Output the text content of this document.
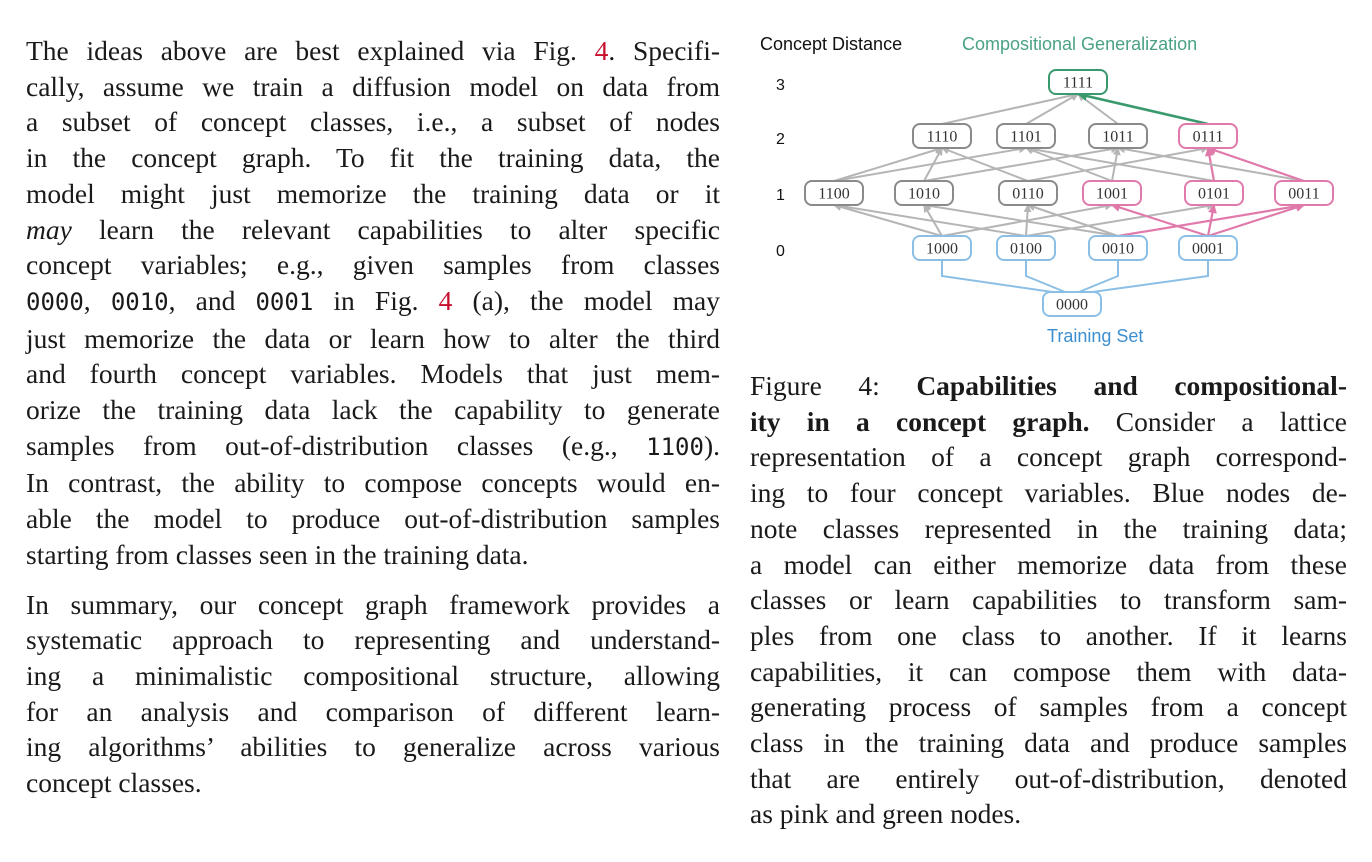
The ideas above are best explained via Fig. 4. Specifi-
cally, assume we train a diffusion model on data from
a subset of concept classes, i.e., a subset of nodes
in the concept graph. To fit the training data, the
model might just memorize the training data or it
may learn the relevant capabilities to alter specific
concept variables; e.g., given samples from classes
0000, 0010, and 0001 in Fig. 4 (a), the model may
just memorize the data or learn how to alter the third
and fourth concept variables. Models that just mem-
orize the training data lack the capability to generate
samples from out-of-distribution classes (e.g., 1100).
In contrast, the ability to compose concepts would en-
able the model to produce out-of-distribution samples
starting from classes seen in the training data.

In summary, our concept graph framework provides a
systematic approach to representing and understand-
ing a minimalistic compositional structure, allowing
for an analysis and comparison of different learn-
ing algorithms’ abilities to generalize across various
concept classes.

1111
1110	1101	1011	0111
1100	1010	0110	1001	0101	0011
1000	0100	0010	0001
0000
Concept Distance	Compositional Generalization
Training Set
3
2
1
0
Figure 4: Capabilities and compositional-
ity in a concept graph. Consider a lattice
representation of a concept graph correspond-
ing to four concept variables. Blue nodes de-
note classes represented in the training data;
a model can either memorize data from these
classes or learn capabilities to transform sam-
ples from one class to another. If it learns
capabilities, it can compose them with data-
generating process of samples from a concept
class in the training data and produce samples
that are entirely out-of-distribution, denoted
as pink and green nodes.
